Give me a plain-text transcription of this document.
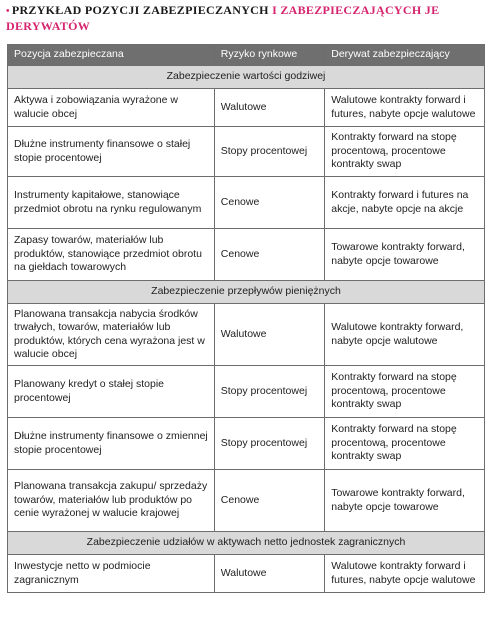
• PRZYKŁAD POZYCJI ZABEZPIECZANYCH I ZABEZPIECZAJĄCYCH JE
DERYWATÓW
Pozycja zabezpieczana	Ryzyko rynkowe	Derywat zabezpieczający
Zabezpieczenie wartości godziwej		
Aktywa i zobowiązania wyrażone w walucie obcej	Walutowe	Walutowe kontrakty forward i futures, nabyte opcje walutowe
Dłużne instrumenty finansowe o stałej stopie procentowej	Stopy procentowej	Kontrakty forward na stopę procentową, procentowe kontrakty swap
Instrumenty kapitałowe, stanowiące przedmiot obrotu na rynku regulowanym	Cenowe	Kontrakty forward i futures na akcje, nabyte opcje na akcje
Zapasy towarów, materiałów lub produktów, stanowiące przedmiot obrotu na giełdach towarowych	Cenowe	Towarowe kontrakty forward, nabyte opcje towarowe
Zabezpieczenie przepływów pieniężnych		
Planowana transakcja nabycia środków trwałych, towarów, materiałów lub produktów, których cena wyrażona jest w walucie obcej	Walutowe	Walutowe kontrakty forward, nabyte opcje walutowe
Planowany kredyt o stałej stopie procentowej	Stopy procentowej	Kontrakty forward na stopę procentową, procentowe kontrakty swap
Dłużne instrumenty finansowe o zmiennej stopie procentowej	Stopy procentowej	Kontrakty forward na stopę procentową, procentowe kontrakty swap
Planowana transakcja zakupu/ sprzedaży towarów, materiałów lub produktów po cenie wyrażonej w walucie krajowej	Cenowe	Towarowe kontrakty forward, nabyte opcje towarowe
Zabezpieczenie udziałów w aktywach netto jednostek zagranicznych		
Inwestycje netto w podmiocie zagranicznym	Walutowe	Walutowe kontrakty forward i futures, nabyte opcje walutowe
